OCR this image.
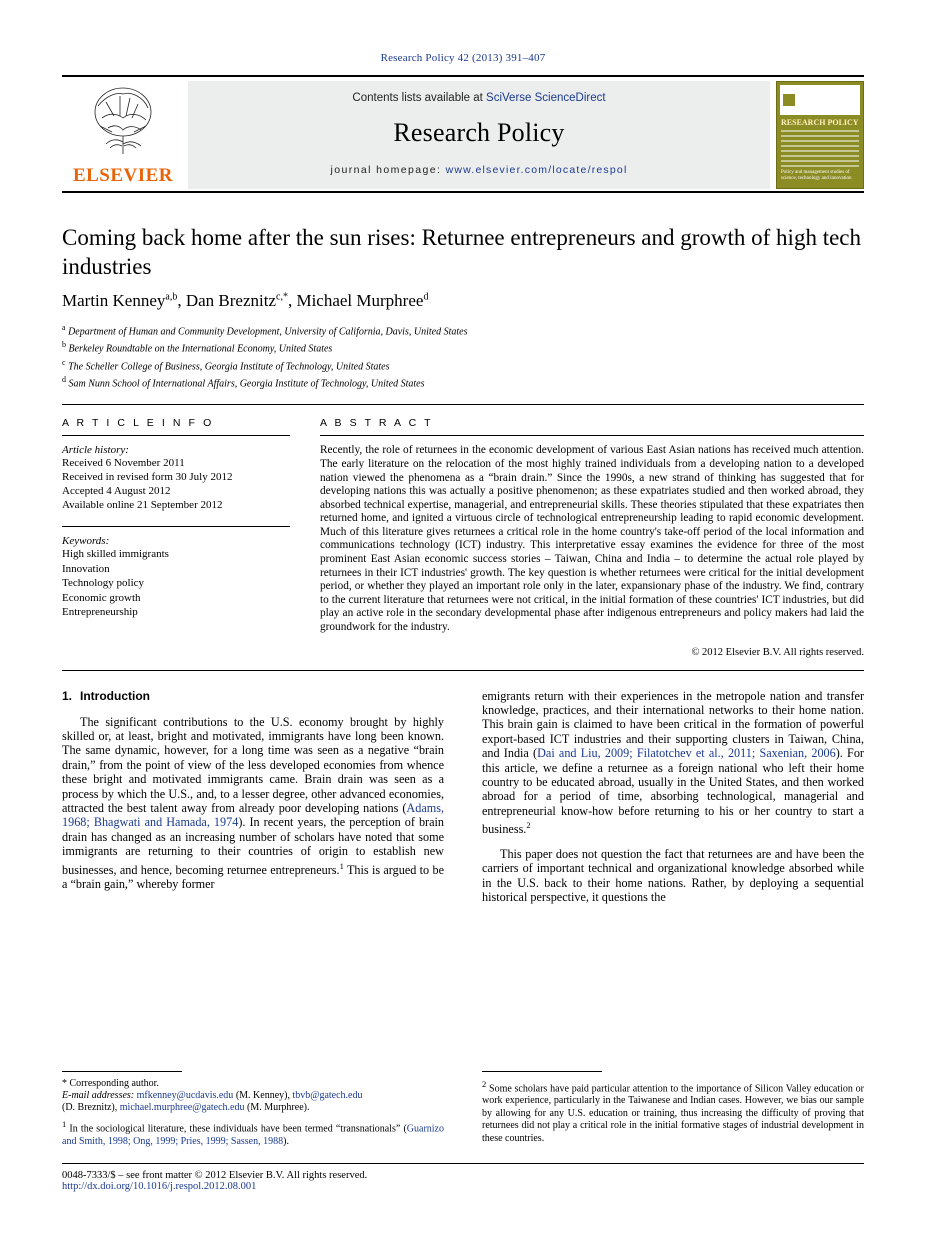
Research Policy 42 (2013) 391–407
ELSEVIER
Contents lists available at SciVerse ScienceDirect
Research Policy
journal homepage: www.elsevier.com/locate/respol
RESEARCH POLICY
Policy and management studies of science, technology and innovation
Coming back home after the sun rises: Returnee entrepreneurs and growth of high tech industries
Martin Kenney$^{a,b}$, Dan Breznitz$^{c,*}$, Michael Murphree$^d$
$^a$ Department of Human and Community Development, University of California, Davis, United States
$^b$ Berkeley Roundtable on the International Economy, United States
$^c$ The Scheller College of Business, Georgia Institute of Technology, United States
$^d$ Sam Nunn School of International Affairs, Georgia Institute of Technology, United States
A R T I C L E I N F O
Article history:
Received 6 November 2011
Received in revised form 30 July 2012
Accepted 4 August 2012
Available online 21 September 2012
Keywords:
High skilled immigrants
Innovation
Technology policy
Economic growth
Entrepreneurship
A B S T R A C T
Recently, the role of returnees in the economic development of various East Asian nations has received much attention. The early literature on the relocation of the most highly trained individuals from a developing nation to a developed nation viewed the phenomena as a “brain drain.” Since the 1990s, a new strand of thinking has suggested that for developing nations this was actually a positive phenomenon; as these expatriates studied and then worked abroad, they absorbed technical expertise, managerial, and entrepreneurial skills. These theories stipulated that these expatriates then returned home, and ignited a virtuous circle of technological entrepreneurship leading to rapid economic development. Much of this literature gives returnees a critical role in the home country's take-off period of the local information and communications technology (ICT) industry. This interpretative essay examines the evidence for three of the most prominent East Asian economic success stories – Taiwan, China and India – to determine the actual role played by returnees in their ICT industries' growth. The key question is whether returnees were critical for the initial development period, or whether they played an important role only in the later, expansionary phase of the industry. We find, contrary to the current literature that returnees were not critical, in the initial formation of these countries' ICT industries, but did play an active role in the secondary developmental phase after indigenous entrepreneurs and policy makers had laid the groundwork for the industry.
© 2012 Elsevier B.V. All rights reserved.
1. Introduction

The significant contributions to the U.S. economy brought by highly skilled or, at least, bright and motivated, immigrants have long been known. The same dynamic, however, for a long time was seen as a negative “brain drain,” from the point of view of the less developed economies from whence these bright and motivated immigrants came. Brain drain was seen as a process by which the U.S., and, to a lesser degree, other advanced economies, attracted the best talent away from already poor developing nations (Adams, 1968; Bhagwati and Hamada, 1974). In recent years, the perception of brain drain has changed as an increasing number of scholars have noted that some immigrants are returning to their countries of origin to establish new businesses, and hence, becoming returnee entrepreneurs.$^1$ This is argued to be a “brain gain,” whereby former

emigrants return with their experiences in the metropole nation and transfer knowledge, practices, and their international networks to their home nation. This brain gain is claimed to have been critical in the formation of powerful export-based ICT industries and their supporting clusters in Taiwan, China, and India (Dai and Liu, 2009; Filatotchev et al., 2011; Saxenian, 2006). For this article, we define a returnee as a foreign national who left their home country to be educated abroad, usually in the United States, and then worked abroad for a period of time, absorbing technological, managerial and entrepreneurial know-how before returning to his or her country to start a business.$^2$

This paper does not question the fact that returnees are and have been the carriers of important technical and organizational knowledge absorbed while in the U.S. back to their home nations. Rather, by deploying a sequential historical perspective, it questions the

* Corresponding author.
E-mail addresses: mfkenney@ucdavis.edu (M. Kenney), tbvb@gatech.edu
(D. Breznitz), michael.murphree@gatech.edu (M. Murphree).
$^1$ In the sociological literature, these individuals have been termed “transnationals” (Guarnizo and Smith, 1998; Ong, 1999; Pries, 1999; Sassen, 1988).
$^2$ Some scholars have paid particular attention to the importance of Silicon Valley education or work experience, particularly in the Taiwanese and Indian cases. However, we bias our sample by allowing for any U.S. education or training, thus increasing the difficulty of proving that returnees did not play a critical role in the initial formative stages of industrial development in these countries.
0048-7333/$ – see front matter © 2012 Elsevier B.V. All rights reserved.
http://dx.doi.org/10.1016/j.respol.2012.08.001
